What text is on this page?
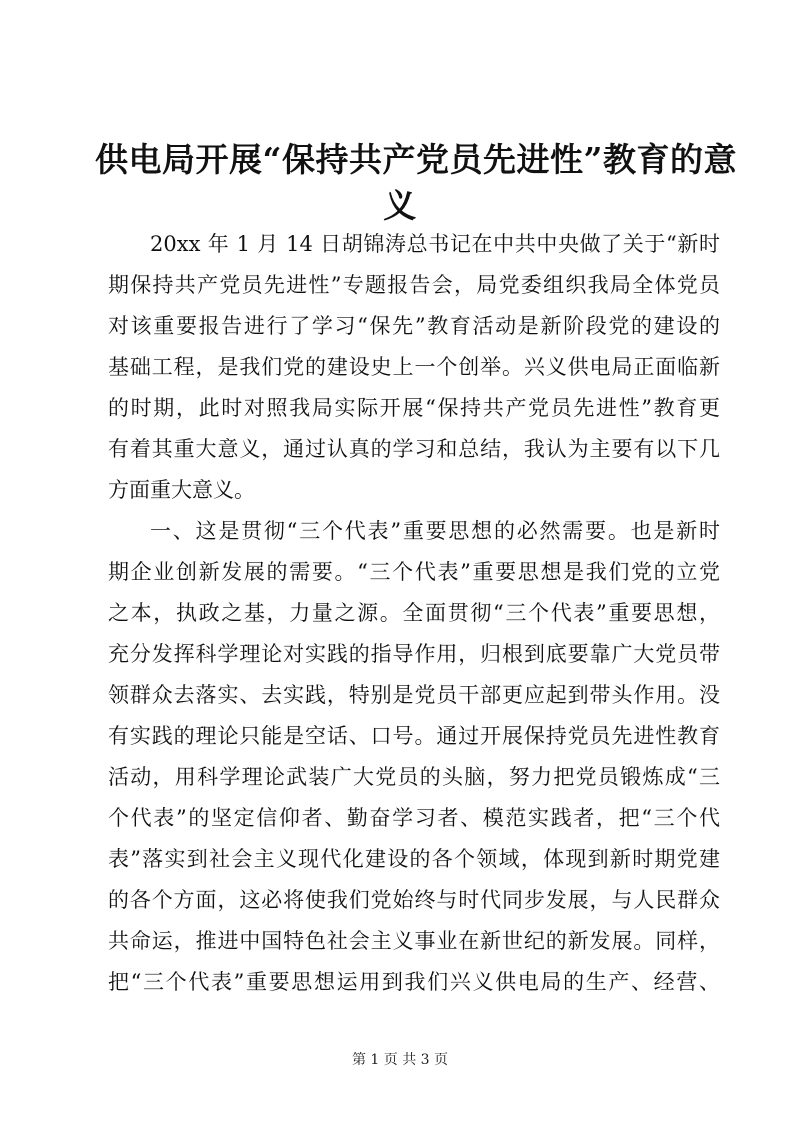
供电局开展“保持共产党员先进性”教育的意
义
20xx 年 1 月 14 日胡锦涛总书记在中共中央做了关于“新时
期保持共产党员先进性”专题报告会，局党委组织我局全体党员
对该重要报告进行了学习“保先”教育活动是新阶段党的建设的
基础工程，是我们党的建设史上一个创举。兴义供电局正面临新
的时期，此时对照我局实际开展“保持共产党员先进性”教育更
有着其重大意义，通过认真的学习和总结，我认为主要有以下几
方面重大意义。
一、这是贯彻“三个代表”重要思想的必然需要。也是新时
期企业创新发展的需要。“三个代表”重要思想是我们党的立党
之本，执政之基，力量之源。全面贯彻“三个代表”重要思想，
充分发挥科学理论对实践的指导作用，归根到底要靠广大党员带
领群众去落实、去实践，特别是党员干部更应起到带头作用。没
有实践的理论只能是空话、口号。通过开展保持党员先进性教育
活动，用科学理论武装广大党员的头脑，努力把党员锻炼成“三
个代表”的坚定信仰者、勤奋学习者、模范实践者，把“三个代
表”落实到社会主义现代化建设的各个领域，体现到新时期党建
的各个方面，这必将使我们党始终与时代同步发展，与人民群众
共命运，推进中国特色社会主义事业在新世纪的新发展。同样，
把“三个代表”重要思想运用到我们兴义供电局的生产、经营、
第 1 页 共 3 页
